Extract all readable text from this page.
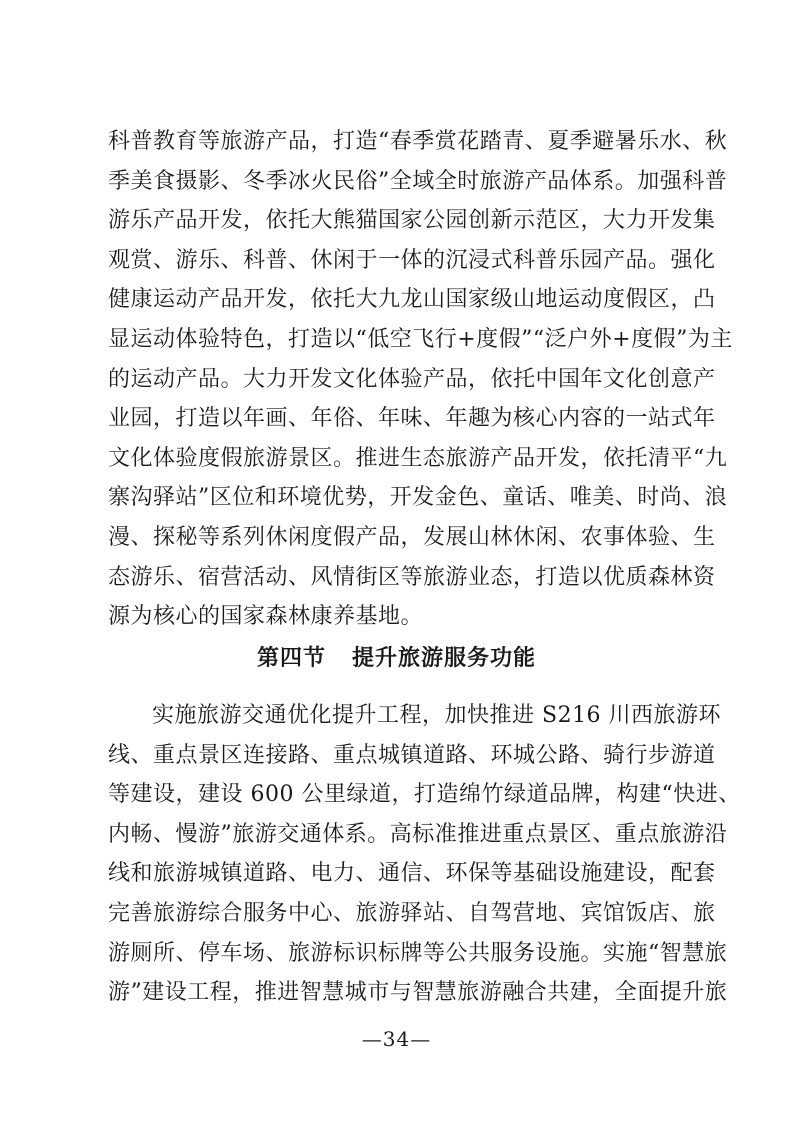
科普教育等旅游产品，打造“春季赏花踏青、夏季避暑乐水、秋
季美食摄影、冬季冰火民俗”全域全时旅游产品体系。加强科普
游乐产品开发，依托大熊猫国家公园创新示范区，大力开发集
观赏、游乐、科普、休闲于一体的沉浸式科普乐园产品。强化
健康运动产品开发，依托大九龙山国家级山地运动度假区，凸
显运动体验特色，打造以“低空飞行+度假”“泛户外+度假”为主
的运动产品。大力开发文化体验产品，依托中国年文化创意产
业园，打造以年画、年俗、年味、年趣为核心内容的一站式年
文化体验度假旅游景区。推进生态旅游产品开发，依托清平“九
寨沟驿站”区位和环境优势，开发金色、童话、唯美、时尚、浪
漫、探秘等系列休闲度假产品，发展山林休闲、农事体验、生
态游乐、宿营活动、风情街区等旅游业态，打造以优质森林资
源为核心的国家森林康养基地。
第四节   提升旅游服务功能
实施旅游交通优化提升工程，加快推进 S216 川西旅游环
线、重点景区连接路、重点城镇道路、环城公路、骑行步游道
等建设，建设 600 公里绿道，打造绵竹绿道品牌，构建“快进、
内畅、慢游”旅游交通体系。高标准推进重点景区、重点旅游沿
线和旅游城镇道路、电力、通信、环保等基础设施建设，配套
完善旅游综合服务中心、旅游驿站、自驾营地、宾馆饭店、旅
游厕所、停车场、旅游标识标牌等公共服务设施。实施“智慧旅
游”建设工程，推进智慧城市与智慧旅游融合共建，全面提升旅
—34—
